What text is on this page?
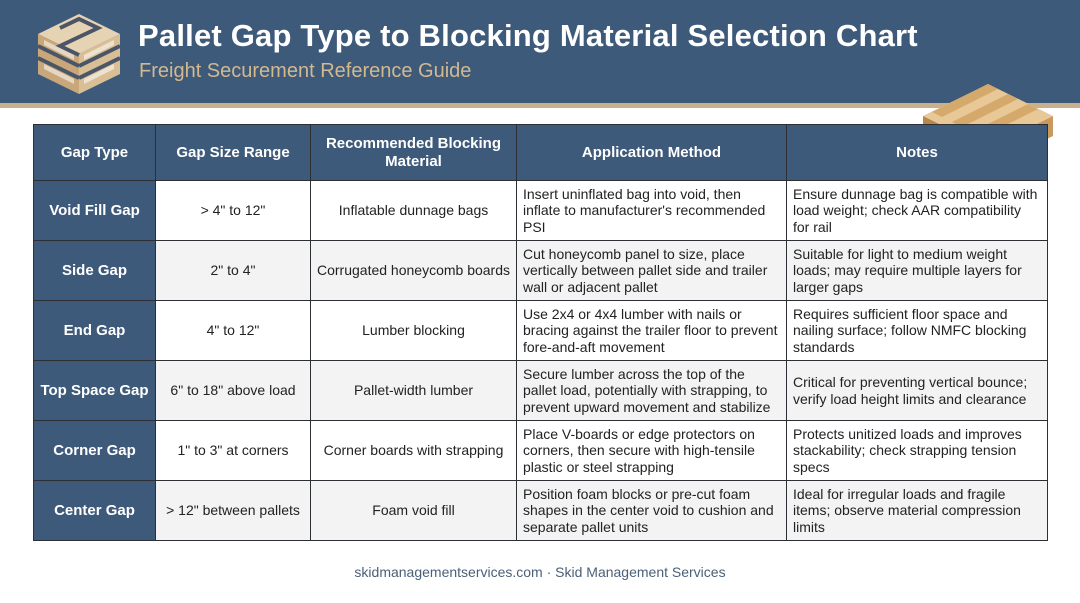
Pallet Gap Type to Blocking Material Selection Chart
Freight Securement Reference Guide
Gap Type	Gap Size Range	Recommended Blocking Material	Application Method	Notes
Void Fill Gap	> 4" to 12"	Inflatable dunnage bags	Insert uninflated bag into void, then inflate to manufacturer's recommended PSI	Ensure dunnage bag is compatible with load weight; check AAR compatibility for rail
Side Gap	2" to 4"	Corrugated honeycomb boards	Cut honeycomb panel to size, place vertically between pallet side and trailer wall or adjacent pallet	Suitable for light to medium weight loads; may require multiple layers for larger gaps
End Gap	4" to 12"	Lumber blocking	Use 2x4 or 4x4 lumber with nails or bracing against the trailer floor to prevent fore-and-aft movement	Requires sufficient floor space and nailing surface; follow NMFC blocking standards
Top Space Gap	6" to 18" above load	Pallet-width lumber	Secure lumber across the top of the pallet load, potentially with strapping, to prevent upward movement and stabilize	Critical for preventing vertical bounce; verify load height limits and clearance
Corner Gap	1" to 3" at corners	Corner boards with strapping	Place V-boards or edge protectors on corners, then secure with high-tensile plastic or steel strapping	Protects unitized loads and improves stackability; check strapping tension specs
Center Gap	> 12" between pallets	Foam void fill	Position foam blocks or pre-cut foam shapes in the center void to cushion and separate pallet units	Ideal for irregular loads and fragile items; observe material compression limits
skidmanagementservices.com · Skid Management Services
